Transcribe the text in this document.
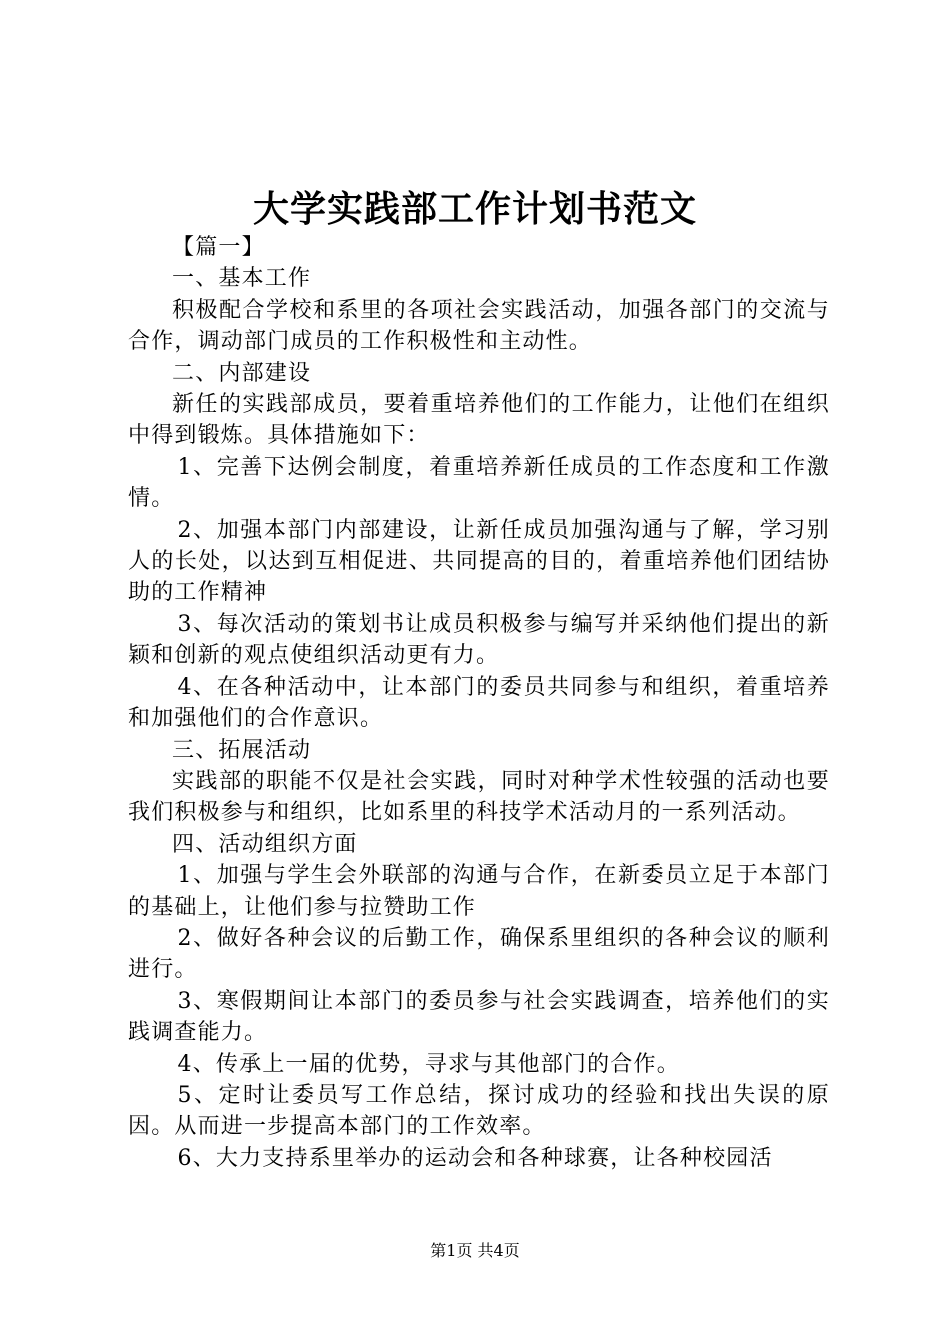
大学实践部工作计划书范文

【篇一】

一、基本工作

积极配合学校和系里的各项社会实践活动，加强各部门的交流与合作，调动部门成员的工作积极性和主动性。

二、内部建设

新任的实践部成员，要着重培养他们的工作能力，让他们在组织中得到锻炼。具体措施如下：

1、完善下达例会制度，着重培养新任成员的工作态度和工作激情。

2、加强本部门内部建设，让新任成员加强沟通与了解，学习别人的长处，以达到互相促进、共同提高的目的，着重培养他们团结协助的工作精神

3、每次活动的策划书让成员积极参与编写并采纳他们提出的新颖和创新的观点使组织活动更有力。

4、在各种活动中，让本部门的委员共同参与和组织，着重培养和加强他们的合作意识。

三、拓展活动

实践部的职能不仅是社会实践，同时对种学术性较强的活动也要我们积极参与和组织，比如系里的科技学术活动月的一系列活动。

四、活动组织方面

1、加强与学生会外联部的沟通与合作，在新委员立足于本部门的基础上，让他们参与拉赞助工作

2、做好各种会议的后勤工作，确保系里组织的各种会议的顺利进行。

3、寒假期间让本部门的委员参与社会实践调查，培养他们的实践调查能力。

4、传承上一届的优势，寻求与其他部门的合作。

5、定时让委员写工作总结，探讨成功的经验和找出失误的原因。从而进一步提高本部门的工作效率。

6、大力支持系里举办的运动会和各种球赛，让各种校园活

第1页 共4页
